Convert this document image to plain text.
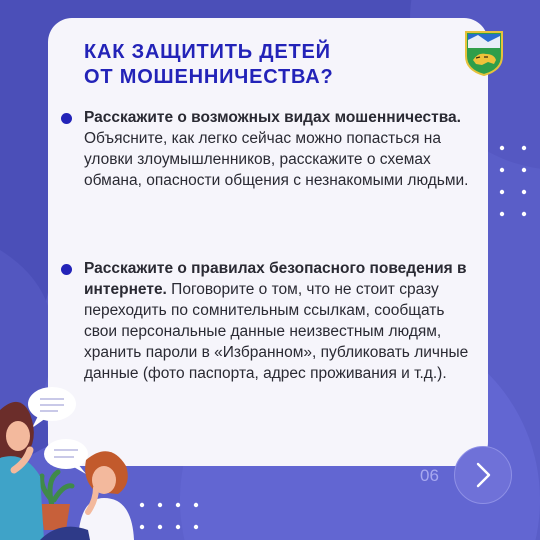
КАК ЗАЩИТИТЬ ДЕТЕЙ
ОТ МОШЕННИЧЕСТВА?

Расскажите о возможных видах мошенничества. Объясните, как легко сейчас можно попасться на уловки злоумышленников, расскажите о схемах обмана, опасности общения с незнакомыми людьми.

Расскажите о правилах безопасного поведения в интернете. Поговорите о том, что не стоит сразу переходить по сомнительным ссылкам, сообщать свои персональные данные неизвестным людям, хранить пароли в «Избранном», публиковать личные данные (фото паспорта, адрес проживания и т.д.).

06
